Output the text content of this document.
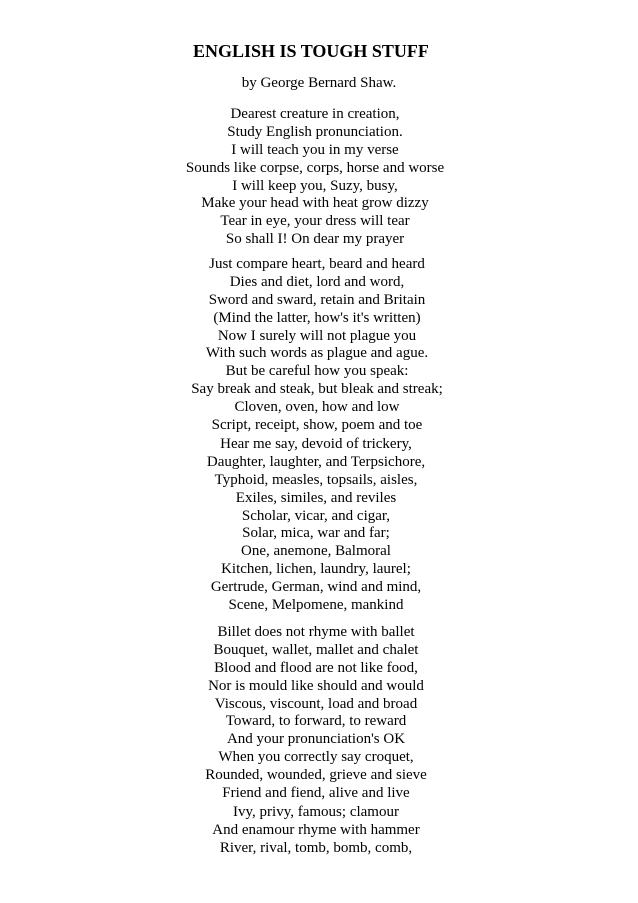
ENGLISH IS TOUGH STUFF
by George Bernard Shaw.
Dearest creature in creation,
Study English pronunciation.
I will teach you in my verse
Sounds like corpse, corps, horse and worse
I will keep you, Suzy, busy,
Make your head with heat grow dizzy
Tear in eye, your dress will tear
So shall I! On dear my prayer
Just compare heart, beard and heard
Dies and diet, lord and word,
Sword and sward, retain and Britain
(Mind the latter, how's it's written)
Now I surely will not plague you
With such words as plague and ague.
But be careful how you speak:
Say break and steak, but bleak and streak;
Cloven, oven, how and low
Script, receipt, show, poem and toe
Hear me say, devoid of trickery,
Daughter, laughter, and Terpsichore,
Typhoid, measles, topsails, aisles,
Exiles, similes, and reviles
Scholar, vicar, and cigar,
Solar, mica, war and far;
One, anemone, Balmoral
Kitchen, lichen, laundry, laurel;
Gertrude, German, wind and mind,
Scene, Melpomene, mankind
Billet does not rhyme with ballet
Bouquet, wallet, mallet and chalet
Blood and flood are not like food,
Nor is mould like should and would
Viscous, viscount, load and broad
Toward, to forward, to reward
And your pronunciation's OK
When you correctly say croquet,
Rounded, wounded, grieve and sieve
Friend and fiend, alive and live
Ivy, privy, famous; clamour
And enamour rhyme with hammer
River, rival, tomb, bomb, comb,
